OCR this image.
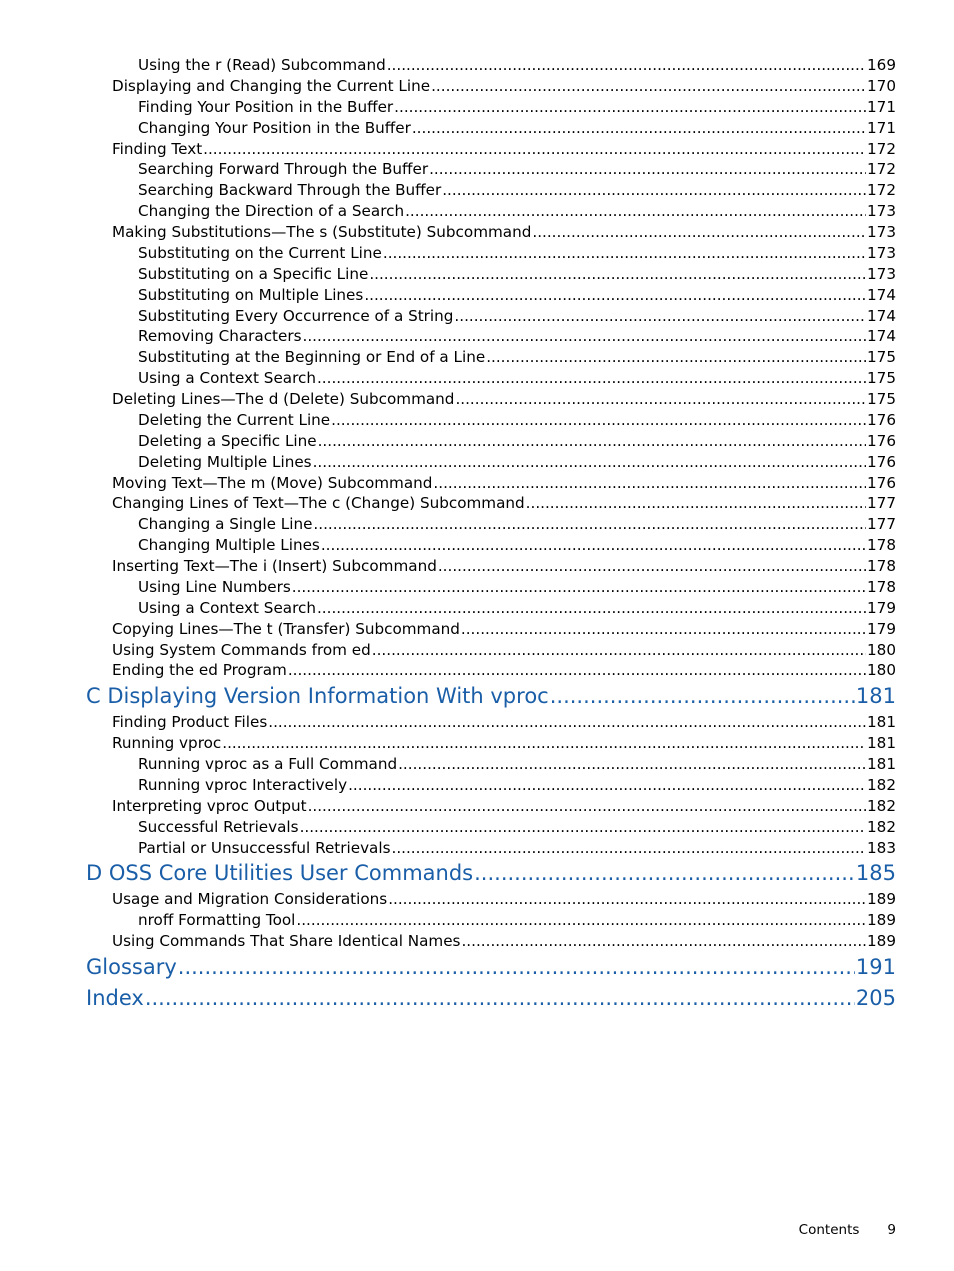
Using the r (Read) Subcommand .....	169
Displaying and Changing the Current Line .....	170
Finding Your Position in the Buffer .....	171
Changing Your Position in the Buffer .....	171
Finding Text .....	172
Searching Forward Through the Buffer .....	172
Searching Backward Through the Buffer .....	172
Changing the Direction of a Search .....	173
Making Substitutions—The s (Substitute) Subcommand .....	173
Substituting on the Current Line .....	173
Substituting on a Specific Line .....	173
Substituting on Multiple Lines .....	174
Substituting Every Occurrence of a String .....	174
Removing Characters .....	174
Substituting at the Beginning or End of a Line .....	175
Using a Context Search .....	175
Deleting Lines—The d (Delete) Subcommand .....	175
Deleting the Current Line .....	176
Deleting a Specific Line .....	176
Deleting Multiple Lines .....	176
Moving Text—The m (Move) Subcommand .....	176
Changing Lines of Text—The c (Change) Subcommand .....	177
Changing a Single Line .....	177
Changing Multiple Lines .....	178
Inserting Text—The i (Insert) Subcommand .....	178
Using Line Numbers .....	178
Using a Context Search .....	179
Copying Lines—The t (Transfer) Subcommand .....	179
Using System Commands from ed .....	180
Ending the ed Program .....	180
C Displaying Version Information With vproc .....	181
Finding Product Files .....	181
Running vproc .....	181
Running vproc as a Full Command .....	181
Running vproc Interactively .....	182
Interpreting vproc Output .....	182
Successful Retrievals .....	182
Partial or Unsuccessful Retrievals .....	183
D OSS Core Utilities User Commands .....	185
Usage and Migration Considerations .....	189
nroff Formatting Tool .....	189
Using Commands That Share Identical Names .....	189
Glossary .....	191
Index .....	205
Contents 9
